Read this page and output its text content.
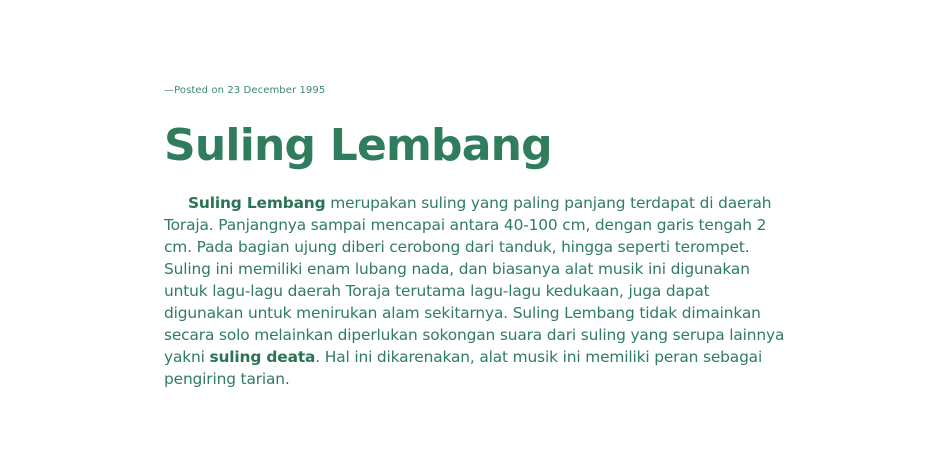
—Posted on 23 December 1995
Suling Lembang

Suling Lembang merupakan suling yang paling panjang terdapat di daerah Toraja. Panjangnya sampai mencapai antara 40-100 cm, dengan garis tengah 2 cm. Pada bagian ujung diberi cerobong dari tanduk, hingga seperti terompet. Suling ini memiliki enam lubang nada, dan biasanya alat musik ini digunakan untuk lagu-lagu daerah Toraja terutama lagu-lagu kedukaan, juga dapat digunakan untuk menirukan alam sekitarnya. Suling Lembang tidak dimainkan secara solo melainkan diperlukan sokongan suara dari suling yang serupa lainnya yakni suling deata. Hal ini dikarenakan, alat musik ini memiliki peran sebagai pengiring tarian.
